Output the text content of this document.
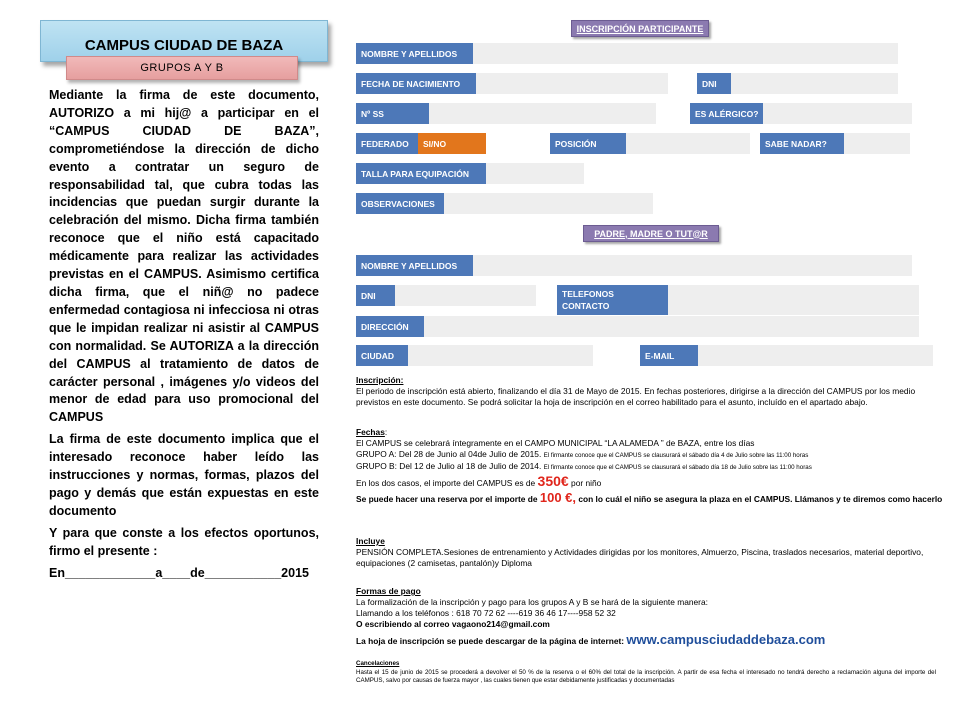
CAMPUS CIUDAD DE BAZA
GRUPOS A Y B

Mediante la firma de este documento, AUTORIZO a mi hij@ a participar en el “CAMPUS CIUDAD DE BAZA”, comprometiéndose la dirección de dicho evento a contratar un seguro de responsabilidad tal, que cubra todas las incidencias que puedan surgir durante la celebración del mismo. Dicha firma también reconoce que el niño está capacitado médicamente para realizar las actividades previstas en el CAMPUS. Asimismo certifica dicha firma, que el niñ@ no padece enfermedad contagiosa ni infecciosa ni otras que le impidan realizar ni asistir al CAMPUS con normalidad. Se AUTORIZA a la dirección del CAMPUS al tratamiento de datos de carácter personal , imágenes y/o videos del menor de edad para uso promocional del CAMPUS

La firma de este documento implica que el interesado reconoce haber leído las instrucciones y normas, formas, plazos del pago y demás que están expuestas en este documento

Y para que conste a los efectos oportunos, firmo el presente :

En_____________a____de___________2015

INSCRIPCIÓN PARTICIPANTE
NOMBRE Y APELLIDOS
FECHA DE NACIMIENTO	DNI
Nº SS	ES ALÉRGICO?
FEDERADO	SI/NO	POSICIÓN	SABE NADAR?
TALLA PARA EQUIPACIÓN
OBSERVACIONES
PADRE, MADRE O TUT@R
NOMBRE Y APELLIDOS
DNI	TELEFONOS
CONTACTO
DIRECCIÓN
CIUDAD	E-MAIL
Inscripción:
El periodo de inscripción está abierto, finalizando el día 31 de Mayo de 2015. En fechas posteriores, dirigirse a la dirección del CAMPUS por los medio previstos en este documento. Se podrá solicitar la hoja de inscripción en el correo habilitado para el asunto, incluído en el apartado abajo.
Fechas:
El CAMPUS se celebrará íntegramente en el CAMPO MUNICIPAL “LA ALAMEDA ” de BAZA, entre los días
GRUPO A: Del 28 de Junio al 04de Julio de 2015. El firmante conoce que el CAMPUS se clausurará el sábado día 4 de Julio sobre las 11:00 horas
GRUPO B: Del 12 de Julio al 18 de Julio de 2014. El firmante conoce que el CAMPUS se clausurará el sábado día 18 de Julio sobre las 11:00 horas
En los dos casos, el importe del CAMPUS es de 350€ por niño
Se puede hacer una reserva por el importe de 100 €, con lo cuál el niño se asegura la plaza en el CAMPUS. Llámanos y te diremos como hacerlo
Incluye
PENSIÓN COMPLETA.Sesiones de entrenamiento y Actividades dirigidas por los monitores, Almuerzo, Piscina, traslados necesarios, material deportivo, equipaciones (2 camisetas, pantalón)y Diploma
Formas de pago
La formalización de la inscripción y pago para los grupos A y B se hará de la siguiente manera:
Llamando a los teléfonos : 618 70 72 62 ----619 36 46 17----958 52 32
O escribiendo al correo vagaono214@gmail.com
La hoja de inscripción se puede descargar de la página de internet: www.campusciudaddebaza.com
Cancelaciones
Hasta el 15 de junio de 2015 se procederá a devolver el 50 % de la reserva o el 60% del total de la inscripción. A partir de esa fecha el interesado no tendrá derecho a reclamación alguna del importe del CAMPUS, salvo por causas de fuerza mayor , las cuales tienen que estar debidamente justificadas y documentadas
